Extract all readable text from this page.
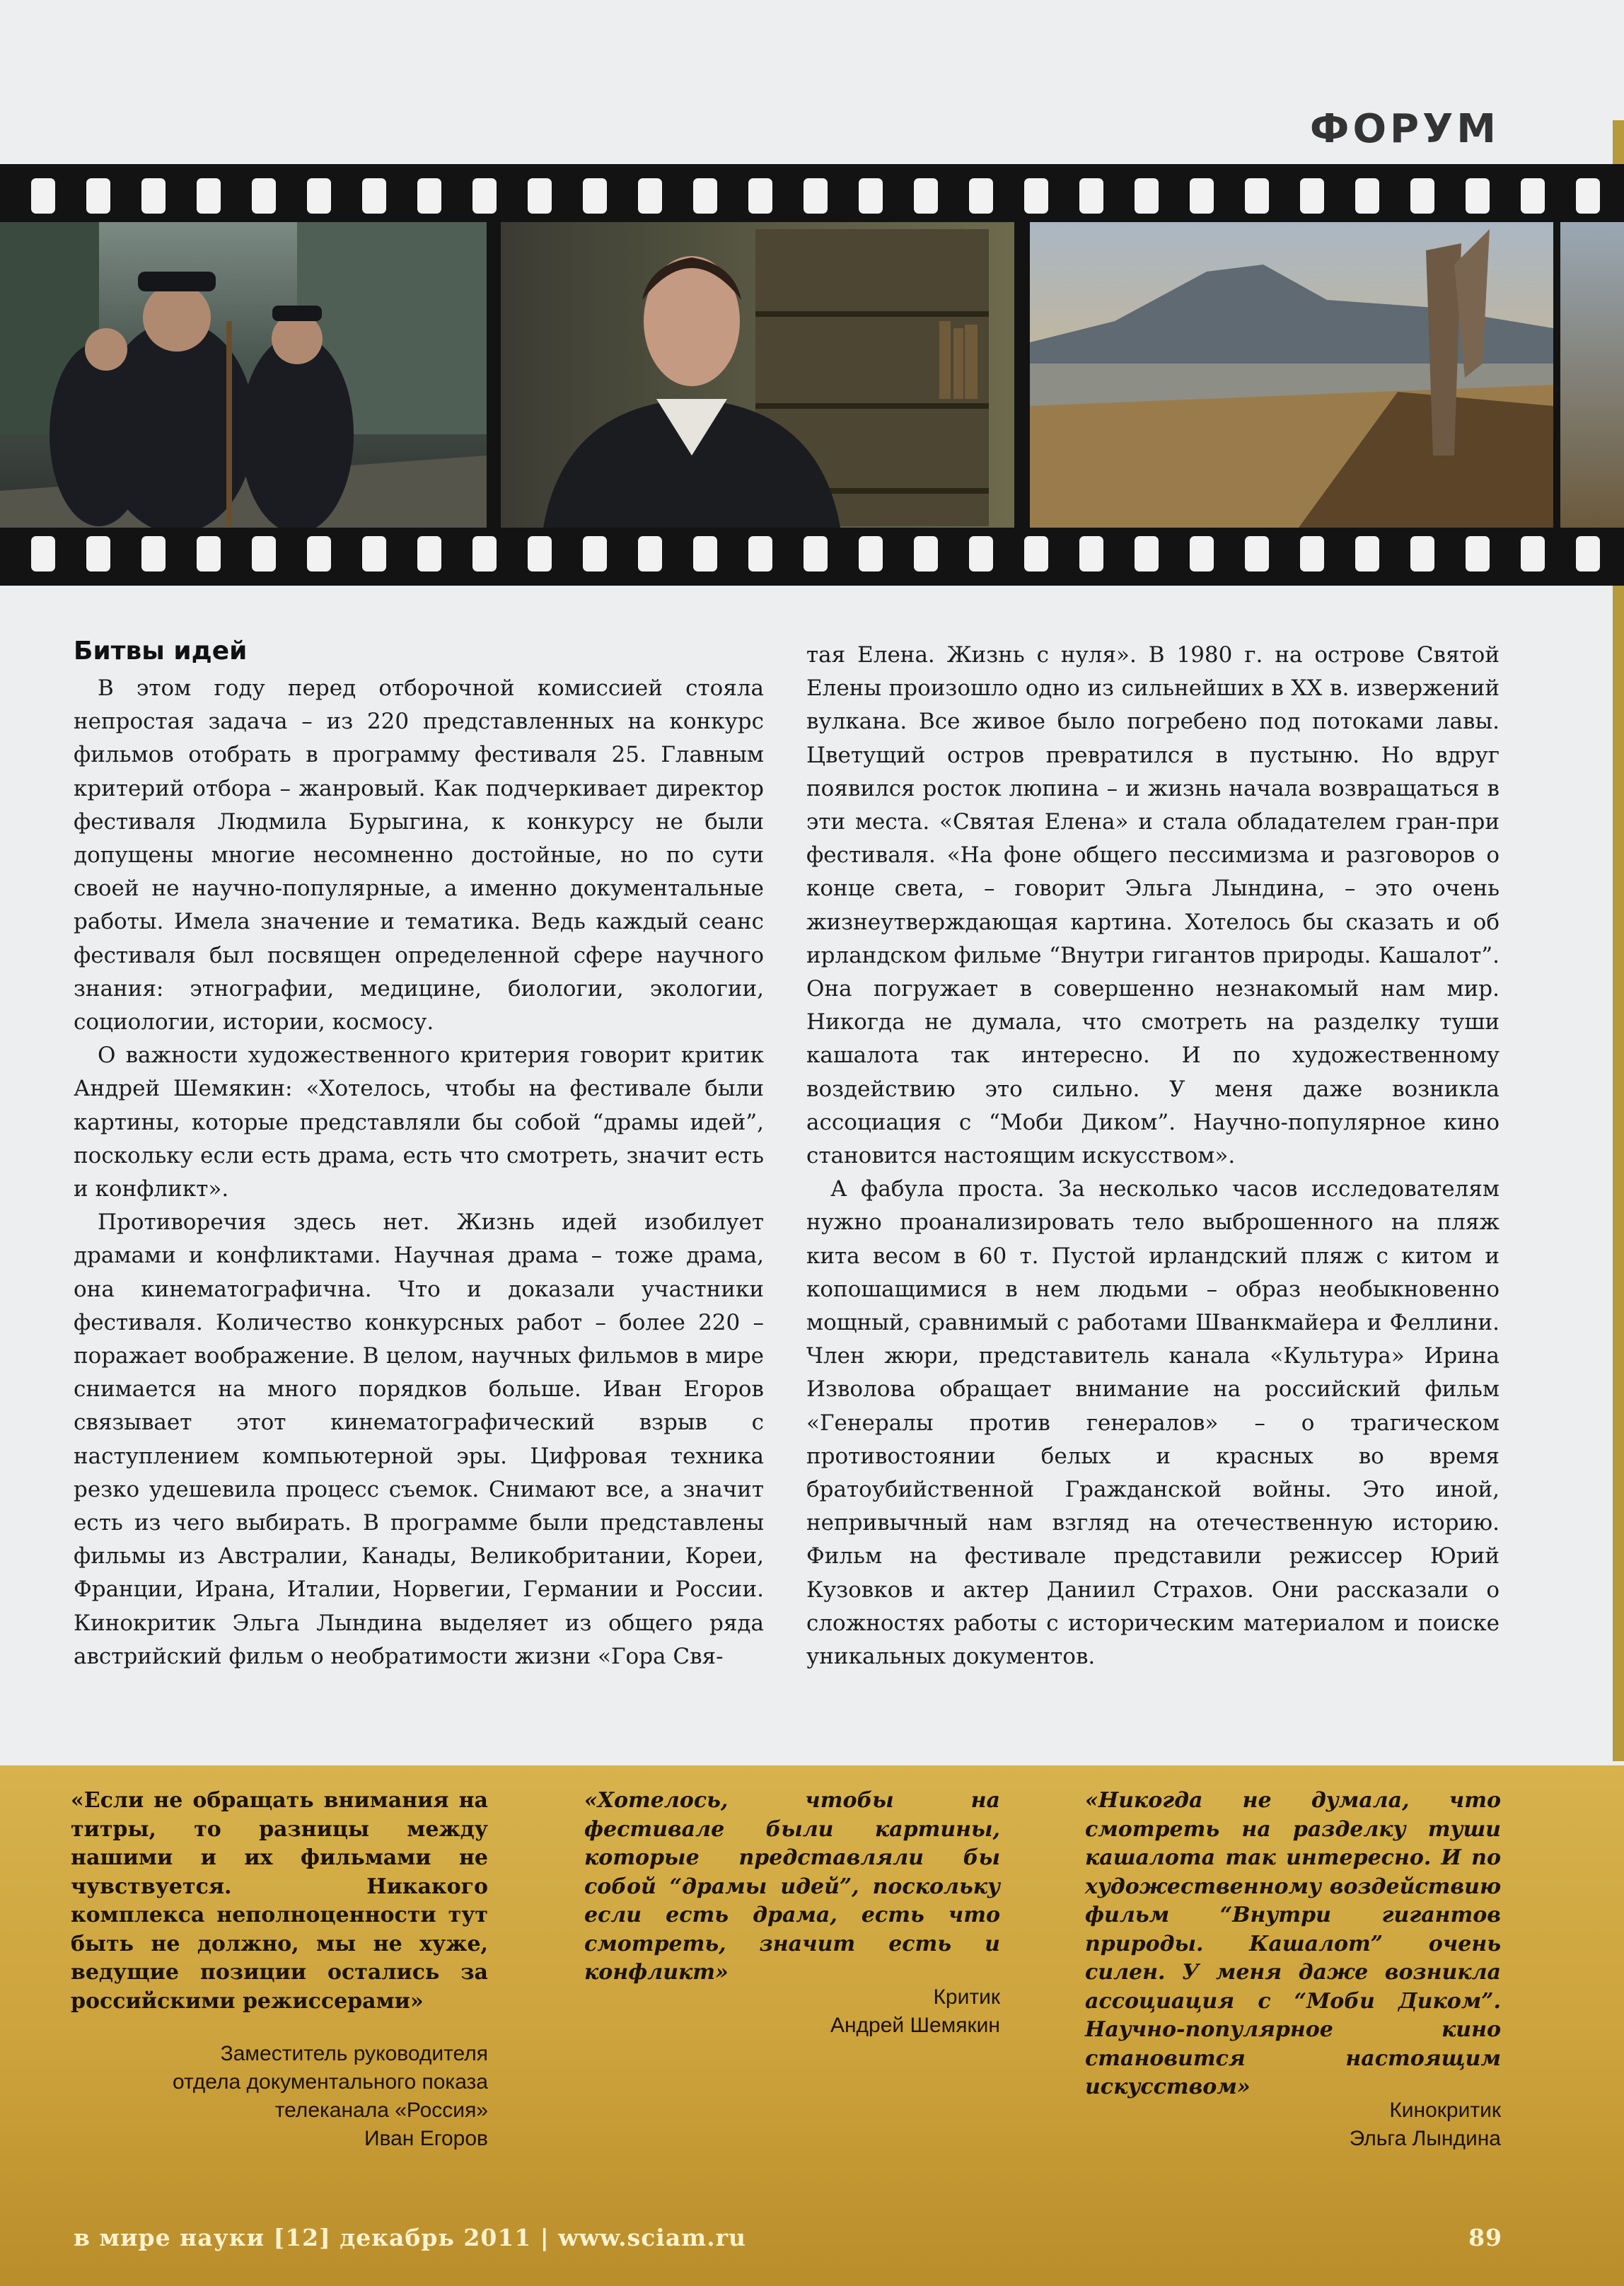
ФОРУМ
Битвы идей

В этом году перед отборочной комиссией стояла непростая задача – из 220 представленных на конкурс фильмов отобрать в программу фестиваля 25. Главным критерий отбора – жанровый. Как подчеркивает директор фестиваля Людмила Бурыгина, к конкурсу не были допущены многие несомненно достойные, но по сути своей не научно-популярные, а именно документальные работы. Имела значение и тематика. Ведь каждый сеанс фестиваля был посвящен определенной сфере научного знания: этнографии, медицине, биологии, экологии, социологии, истории, космосу.

О важности художественного критерия говорит критик Андрей Шемякин: «Хотелось, чтобы на фестивале были картины, которые представляли бы собой “драмы идей”, поскольку если есть драма, есть что смотреть, значит есть и конфликт».

Противоречия здесь нет. Жизнь идей изобилует драмами и конфликтами. Научная драма – тоже драма, она кинематографична. Что и доказали участники фестиваля. Количество конкурсных работ – более 220 – поражает воображение. В целом, научных фильмов в мире снимается на много порядков больше. Иван Егоров связывает этот кинематографический взрыв с наступлением компьютерной эры. Цифровая техника резко удешевила процесс съемок. Снимают все, а значит есть из чего выбирать. В программе были представлены фильмы из Австралии, Канады, Великобритании, Кореи, Франции, Ирана, Италии, Норвегии, Германии и России. Кинокритик Эльга Лындина выделяет из общего ряда австрийский фильм о необратимости жизни «Гора Свя-

тая Елена. Жизнь с нуля». В 1980 г. на острове Святой Елены произошло одно из сильнейших в XX в. извержений вулкана. Все живое было погребено под потоками лавы. Цветущий остров превратился в пустыню. Но вдруг появился росток люпина – и жизнь начала возвращаться в эти места. «Святая Елена» и стала обладателем гран-при фестиваля. «На фоне общего пессимизма и разговоров о конце света, – говорит Эльга Лындина, – это очень жизнеутверждающая картина. Хотелось бы сказать и об ирландском фильме “Внутри гигантов природы. Кашалот”. Она погружает в совершенно незнакомый нам мир. Никогда не думала, что смотреть на разделку туши кашалота так интересно. И по художественному воздействию это сильно. У меня даже возникла ассоциация с “Моби Диком”. Научно-популярное кино становится настоящим искусством».

А фабула проста. За несколько часов исследователям нужно проанализировать тело выброшенного на пляж кита весом в 60 т. Пустой ирландский пляж с китом и копошащимися в нем людьми – образ необыкновенно мощный, сравнимый с работами Шванкмайера и Феллини. Член жюри, представитель канала «Культура» Ирина Изволова обращает внимание на российский фильм «Генералы против генералов» – о трагическом противостоянии белых и красных во время братоубийственной Гражданской войны. Это иной, непривычный нам взгляд на отечественную историю. Фильм на фестивале представили режиссер Юрий Кузовков и актер Даниил Страхов. Они рассказали о сложностях работы с историческим материалом и поиске уникальных документов.

«Если не обращать внимания на титры, то разницы между нашими и их фильмами не чувствуется. Никакого комплекса неполноценности тут быть не должно, мы не хуже, ведущие позиции остались за российскими режиссерами»
Заместитель руководителя
отдела документального показа
телеканала «Россия»
Иван Егоров
«Хотелось, чтобы на фестивале были картины, которые представляли бы собой “драмы идей”, поскольку если есть драма, есть что смотреть, значит есть и конфликт»
Критик
Андрей Шемякин
«Никогда не думала, что смотреть на разделку туши кашалота так интересно. И по художественному воздействию фильм “Внутри гигантов природы. Кашалот” очень силен. У меня даже возникла ассоциация с “Моби Диком”. Научно-популярное кино становится настоящим искусством»
Кинокритик
Эльга Лындина
в мире науки [12] декабрь 2011 | www.sciam.ru	89
